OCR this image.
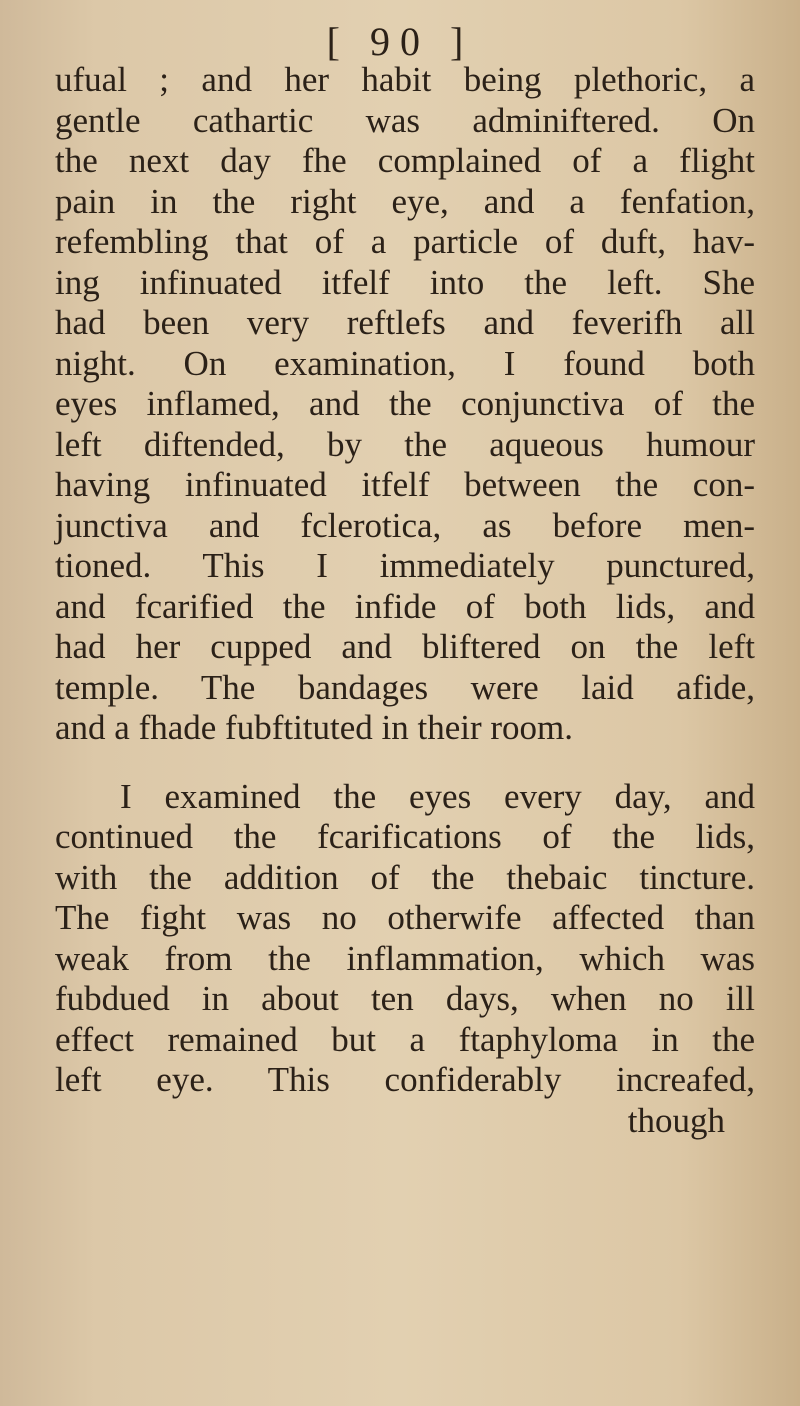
[ 90 ]
ufual ; and her habit being plethoric, a
gentle cathartic was adminiftered. On
the next day fhe complained of a flight
pain in the right eye, and a fenfation,
refembling that of a particle of duft, hav-
ing infinuated itfelf into the left. She
had been very reftlefs and feverifh all
night. On examination, I found both
eyes inflamed, and the conjunctiva of the
left diftended, by the aqueous humour
having infinuated itfelf between the con-
junctiva and fclerotica, as before men-
tioned. This I immediately punctured,
and fcarified the infide of both lids, and
had her cupped and bliftered on the left
temple. The bandages were laid afide,
and a fhade fubftituted in their room.
I examined the eyes every day, and
continued the fcarifications of the lids,
with the addition of the thebaic tincture.
The fight was no otherwife affected than
weak from the inflammation, which was
fubdued in about ten days, when no ill
effect remained but a ftaphyloma in the
left eye. This confiderably increafed,
though
